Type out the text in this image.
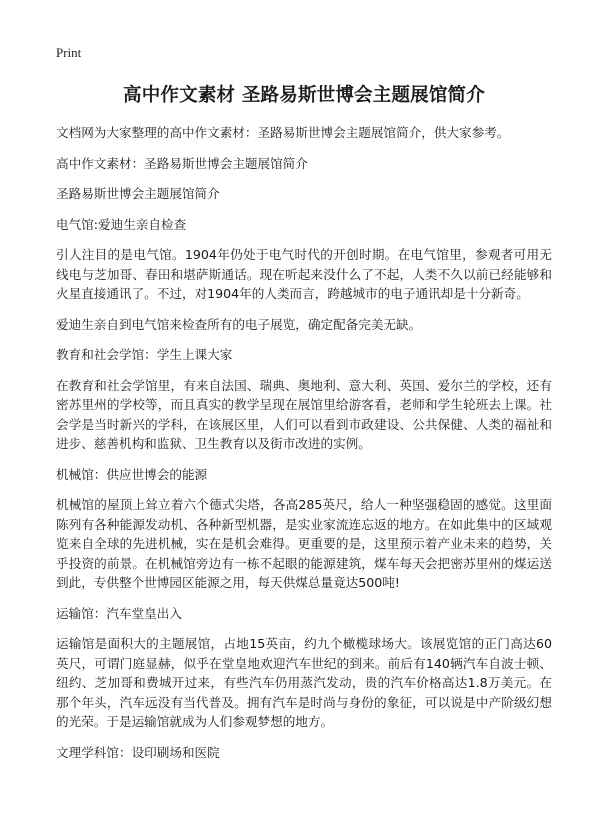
Print
高中作文素材 圣路易斯世博会主题展馆简介
文档网为大家整理的高中作文素材：圣路易斯世博会主题展馆简介，供大家参考。
高中作文素材：圣路易斯世博会主题展馆简介
圣路易斯世博会主题展馆简介
电气馆:爱迪生亲自检查
引人注目的是电气馆。1904年仍处于电气时代的开创时期。在电气馆里，参观者可用无线电与芝加哥、春田和堪萨斯通话。现在听起来没什么了不起，人类不久以前已经能够和火星直接通讯了。不过，对1904年的人类而言，跨越城市的电子通讯却是十分新奇。
爱迪生亲自到电气馆来检查所有的电子展览，确定配备完美无缺。
教育和社会学馆：学生上课大家
在教育和社会学馆里，有来自法国、瑞典、奥地利、意大利、英国、爱尔兰的学校，还有密苏里州的学校等，而且真实的教学呈现在展馆里给游客看，老师和学生轮班去上课。社会学是当时新兴的学科，在该展区里，人们可以看到市政建设、公共保健、人类的福祉和进步、慈善机构和监狱、卫生教育以及街市改进的实例。
机械馆：供应世博会的能源
机械馆的屋顶上耸立着六个德式尖塔，各高285英尺，给人一种坚强稳固的感觉。这里面陈列有各种能源发动机、各种新型机器，是实业家流连忘返的地方。在如此集中的区域观览来自全球的先进机械，实在是机会难得。更重要的是，这里预示着产业未来的趋势，关乎投资的前景。在机械馆旁边有一栋不起眼的能源建筑，煤车每天会把密苏里州的煤运送到此，专供整个世博园区能源之用，每天供煤总量竟达500吨!
运输馆：汽车堂皇出入
运输馆是面积大的主题展馆，占地15英亩，约九个橄榄球场大。该展览馆的正门高达60英尺，可谓门庭显赫，似乎在堂皇地欢迎汽车世纪的到来。前后有140辆汽车自波士顿、纽约、芝加哥和费城开过来，有些汽车仍用蒸汽发动，贵的汽车价格高达1.8万美元。在那个年头，汽车远没有当代普及。拥有汽车是时尚与身份的象征，可以说是中产阶级幻想的光荣。于是运输馆就成为人们参观梦想的地方。
文理学科馆：设印刷场和医院
